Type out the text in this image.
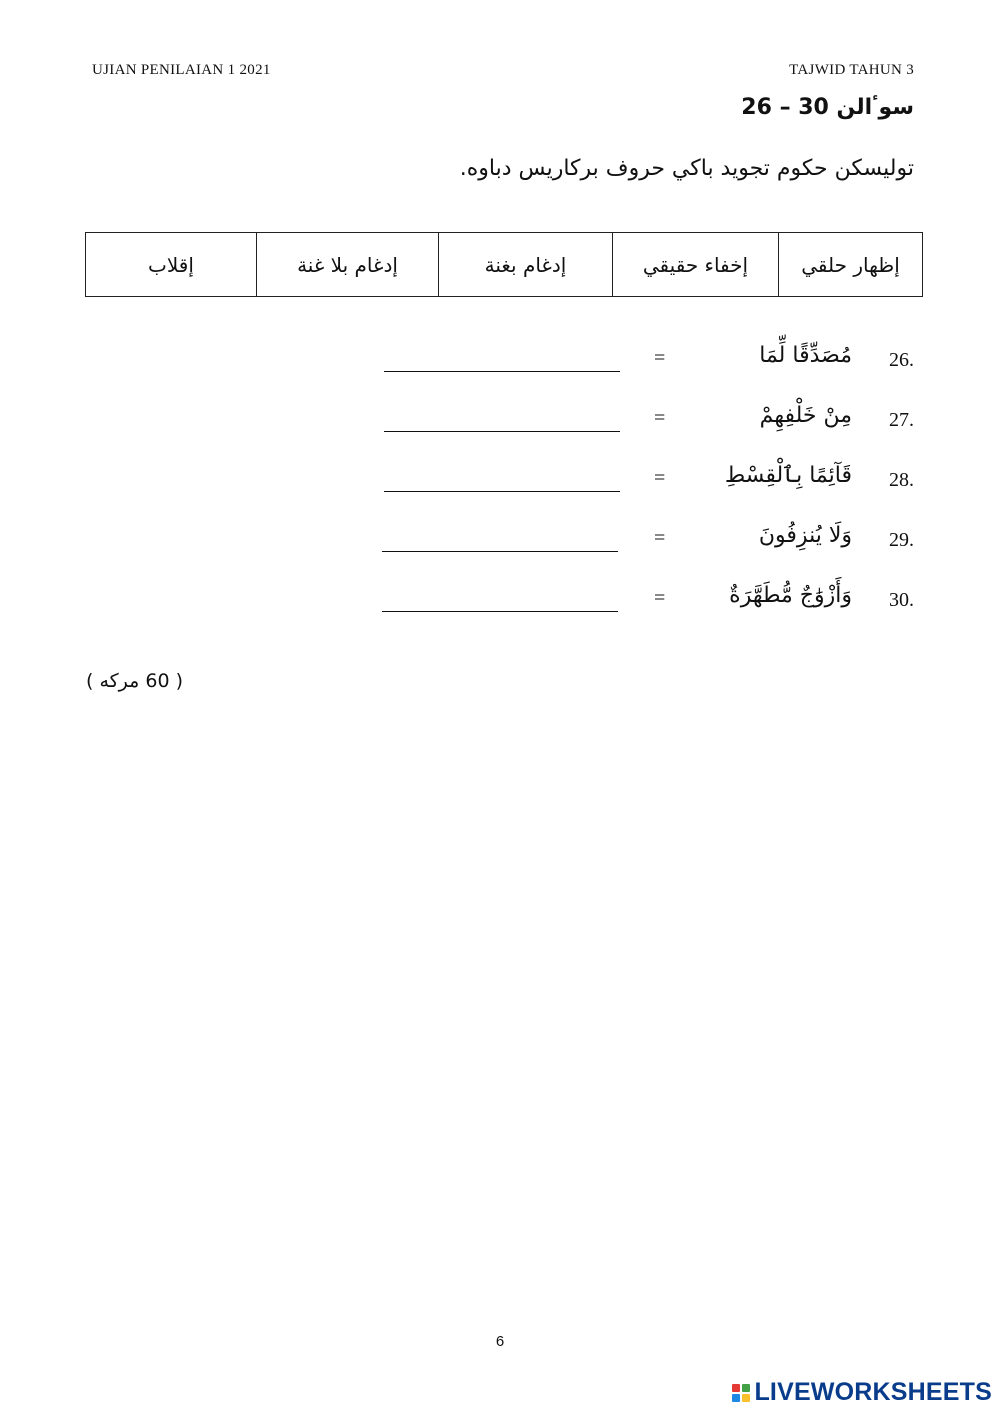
UJIAN PENILAIAN 1 2021	TAJWID TAHUN 3
سوٴالن 30 – 26
توليسكن حكوم تجويد باكي حروف بركاريس دباوه.
إظهار حلقي	إخفاء حقيقي	إدغام بغنة	إدغام بلا غنة	إقلاب
26.
مُصَدِّقًا لِّمَا
=
27.
مِنْ خَلْفِهِمْ
=
28.
قَآئِمًا بِٱلْقِسْطِ
=
29.
وَلَا يُنزِفُونَ
=
30.
وَأَزْوَٰجٌ مُّطَهَّرَةٌ
=
( 60 مركه )
6
LIVEWORKSHEETS
